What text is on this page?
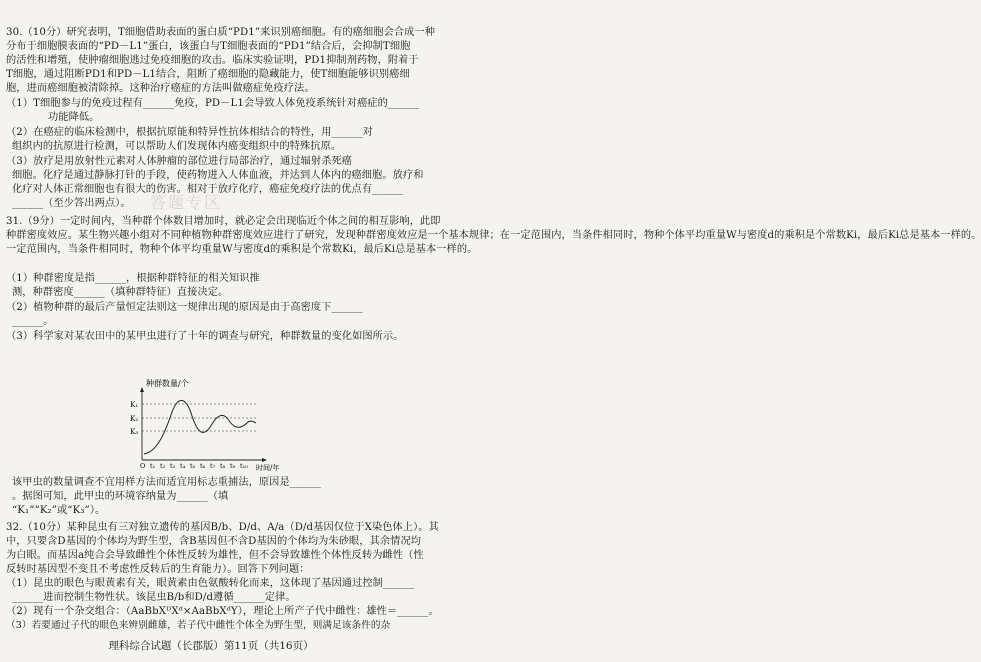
30.（10分）研究表明，T细胞借助表面的蛋白质“PD1”来识别癌细胞。有的癌细胞会合成一种
分布于细胞膜表面的“PD－L1”蛋白，该蛋白与T细胞表面的“PD1”结合后，会抑制T细胞
的活性和增殖，使肿瘤细胞逃过免疫细胞的攻击。临床实验证明，PD1抑制剂药物，附着于
T细胞，通过阻断PD1和PD－L1结合，阻断了癌细胞的隐藏能力，使T细胞能够识别癌细
胞，进而癌细胞被清除掉。这种治疗癌症的方法叫做癌症免疫疗法。
（1）T细胞参与的免疫过程有______免疫，PD－L1会导致人体免疫系统针对癌症的______
功能降低。
（2）在癌症的临床检测中，根据抗原能和特异性抗体相结合的特性，用______对
组织内的抗原进行检测，可以帮助人们发现体内癌变组织中的特殊抗原。
（3）放疗是用放射性元素对人体肿瘤的部位进行局部治疗，通过辐射杀死癌
细胞。化疗是通过静脉打针的手段，使药物进入人体血液，并达到人体内的癌细胞。放疗和
化疗对人体正常细胞也有很大的伤害。相对于放疗化疗，癌症免疫疗法的优点有______
______（至少答出两点）。	答题专区
31.（9分）一定时间内，当种群个体数目增加时，就必定会出现临近个体之间的相互影响，此即
种群密度效应。某生物兴趣小组对不同种植物种群密度效应进行了研究，发现种群密度效应是一个基本规律；在一定范围内，当条件相同时，物种个体平均重量W与密度d的乘积是个常数Ki，最后Ki总是基本一样的。
一定范围内，当条件相同时，物种个体平均重量W与密度d的乘积是个常数Ki，最后Ki总是基本一样的。
（1）种群密度是指______，根据种群特征的相关知识推
测，种群密度______（填种群特征）直接决定。
（2）植物种群的最后产量恒定法则这一规律出现的原因是由于高密度下______
______。
（3）科学家对某农田中的某甲虫进行了十年的调查与研究，种群数量的变化如图所示。
种群数量/个
K₁
K₂
K₃
O t₁ t₂ t₃ t₄ t₅ t₆ t₇ t₈ t₉ t₁₀ 时间/年
该甲虫的数量调查不宜用样方法而适宜用标志重捕法，原因是______
。据图可知，此甲虫的环境容纳量为______（填
“K₁”“K₂”或“K₃”）。
32.（10分）某种昆虫有三对独立遗传的基因B/b、D/d、A/a（D/d基因仅位于X染色体上）。其
中，只要含D基因的个体均为野生型，含B基因但不含D基因的个体均为朱砂眼，其余情况均
为白眼。而基因a纯合会导致雌性个体性反转为雄性，但不会导致雄性个体性反转为雌性（性
反转时基因型不变且不考虑性反转后的生育能力）。回答下列问题：
（1）昆虫的眼色与眼黄素有关，眼黄素由色氨酸转化而来，这体现了基因通过控制______
______进而控制生物性状。该昆虫B/b和D/d遵循______定律。
（2）现有一个杂交组合：（AaBbXᴰXᵈ×AaBbXᵈY），理论上所产子代中雌性：雄性＝______。
（3）若要通过子代的眼色来辨别雌雄，若子代中雌性个体全为野生型，则满足该条件的杂
理科综合试题（长郡版）第11页（共16页）
